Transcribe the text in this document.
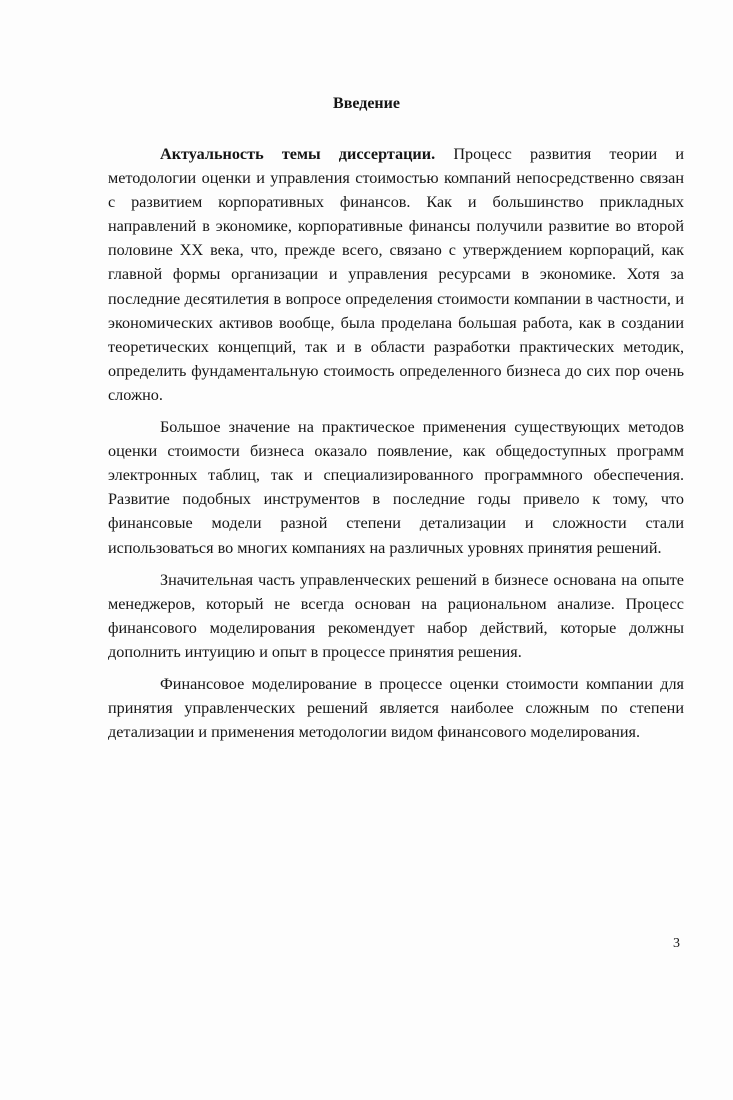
Введение

Актуальность темы диссертации. Процесс развития теории и методологии оценки и управления стоимостью компаний непосредственно связан с развитием корпоративных финансов. Как и большинство прикладных направлений в экономике, корпоративные финансы получили развитие во второй половине XX века, что, прежде всего, связано с утверждением корпораций, как главной формы организации и управления ресурсами в экономике. Хотя за последние десятилетия в вопросе определения стоимости компании в частности, и экономических активов вообще, была проделана большая работа, как в создании теоретических концепций, так и в области разработки практических методик, определить фундаментальную стоимость определенного бизнеса до сих пор очень сложно.

Большое значение на практическое применения существующих методов оценки стоимости бизнеса оказало появление, как общедоступных программ электронных таблиц, так и специализированного программного обеспечения. Развитие подобных инструментов в последние годы привело к тому, что финансовые модели разной степени детализации и сложности стали использоваться во многих компаниях на различных уровнях принятия решений.

Значительная часть управленческих решений в бизнесе основана на опыте менеджеров, который не всегда основан на рациональном анализе. Процесс финансового моделирования рекомендует набор действий, которые должны дополнить интуицию и опыт в процессе принятия решения.

Финансовое моделирование в процессе оценки стоимости компании для принятия управленческих решений является наиболее сложным по степени детализации и применения методологии видом финансового моделирования.

3
